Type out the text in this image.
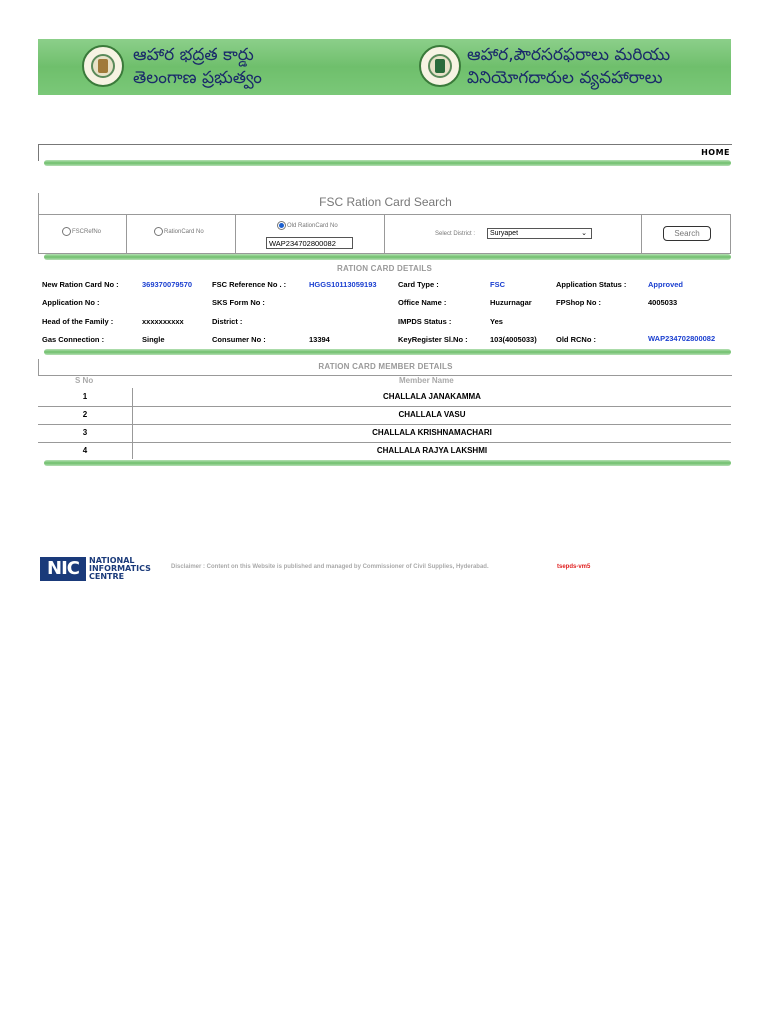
ఆహార భద్రత కార్డు
తెలంగాణ ప్రభుత్వం
ఆహార,పౌరసరఫరాలు మరియు
వినియోగదారుల వ్యవహారాలు
HOME
FSC Ration Card Search
FSCRefNo	RationCard No
Old RationCard No
WAP234702800082
Select District :	Suryapet	⌄	Search
RATION CARD DETAILS
New Ration Card No :	369370079570	FSC Reference No . :	HGGS10113059193	Card Type :	FSC	Application Status :	Approved
Application No :	SKS Form No :	Office Name :	Huzurnagar	FPShop No :	4005033
Head of the Family :	xxxxxxxxxx	District :	IMPDS Status :	Yes
Gas Connection :	Single	Consumer No :	13394	KeyRegister Sl.No :	103(4005033)	Old RCNo :	WAP234702800082
RATION CARD MEMBER DETAILS
S No	Member Name
1	CHALLALA JANAKAMMA
2	CHALLALA VASU
3	CHALLALA KRISHNAMACHARI
4	CHALLALA RAJYA LAKSHMI
NIC	NATIONAL
INFORMATICS
CENTRE
Disclaimer : Content on this Website is published and managed by Commissioner of Civil Supplies, Hyderabad.	tsepds-vm5
